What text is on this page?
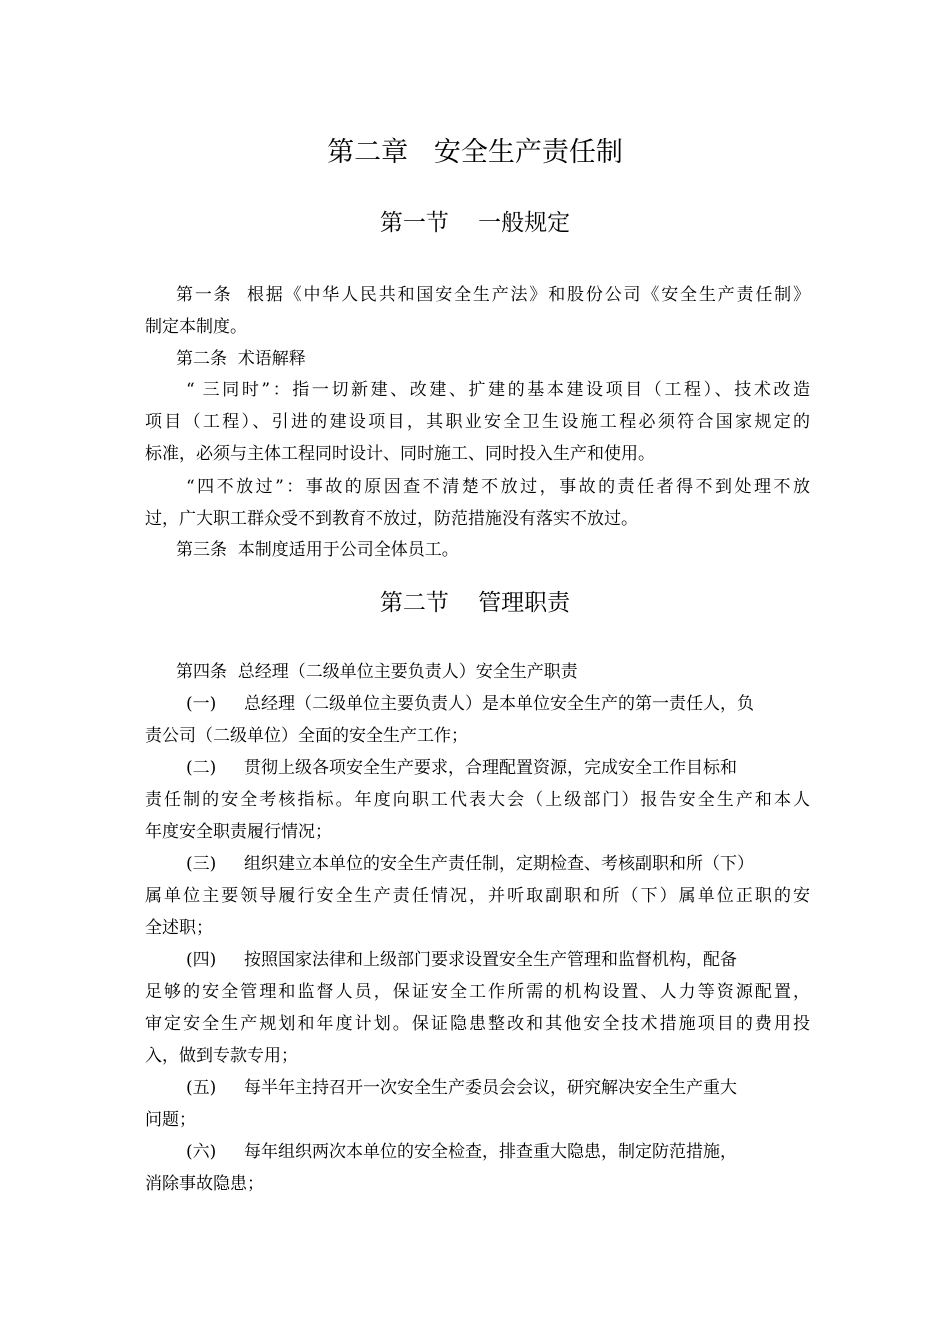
第二章   安全生产责任制
第一节    一般规定
第一条  根据《中华人民共和国安全生产法》和股份公司《安全生产责任制》
制定本制度。
第二条  术语解释
“ 三同时”：指一切新建、改建、扩建的基本建设项目（工程）、技术改造
项目（工程）、引进的建设项目，其职业安全卫生设施工程必须符合国家规定的
标准，必须与主体工程同时设计、同时施工、同时投入生产和使用。
“四不放过”：事故的原因查不清楚不放过，事故的责任者得不到处理不放
过，广大职工群众受不到教育不放过，防范措施没有落实不放过。
第三条  本制度适用于公司全体员工。
第二节    管理职责
第四条  总经理（二级单位主要负责人）安全生产职责
(一) 总经理（二级单位主要负责人）是本单位安全生产的第一责任人，负
责公司（二级单位）全面的安全生产工作；
(二) 贯彻上级各项安全生产要求，合理配置资源，完成安全工作目标和
责任制的安全考核指标。年度向职工代表大会（上级部门）报告安全生产和本人
年度安全职责履行情况；
(三) 组织建立本单位的安全生产责任制，定期检查、考核副职和所（下）
属单位主要领导履行安全生产责任情况，并听取副职和所（下）属单位正职的安
全述职；
(四) 按照国家法律和上级部门要求设置安全生产管理和监督机构，配备
足够的安全管理和监督人员，保证安全工作所需的机构设置、人力等资源配置，
审定安全生产规划和年度计划。保证隐患整改和其他安全技术措施项目的费用投
入，做到专款专用；
(五) 每半年主持召开一次安全生产委员会会议，研究解决安全生产重大
问题；
(六) 每年组织两次本单位的安全检查，排查重大隐患，制定防范措施，
消除事故隐患；
